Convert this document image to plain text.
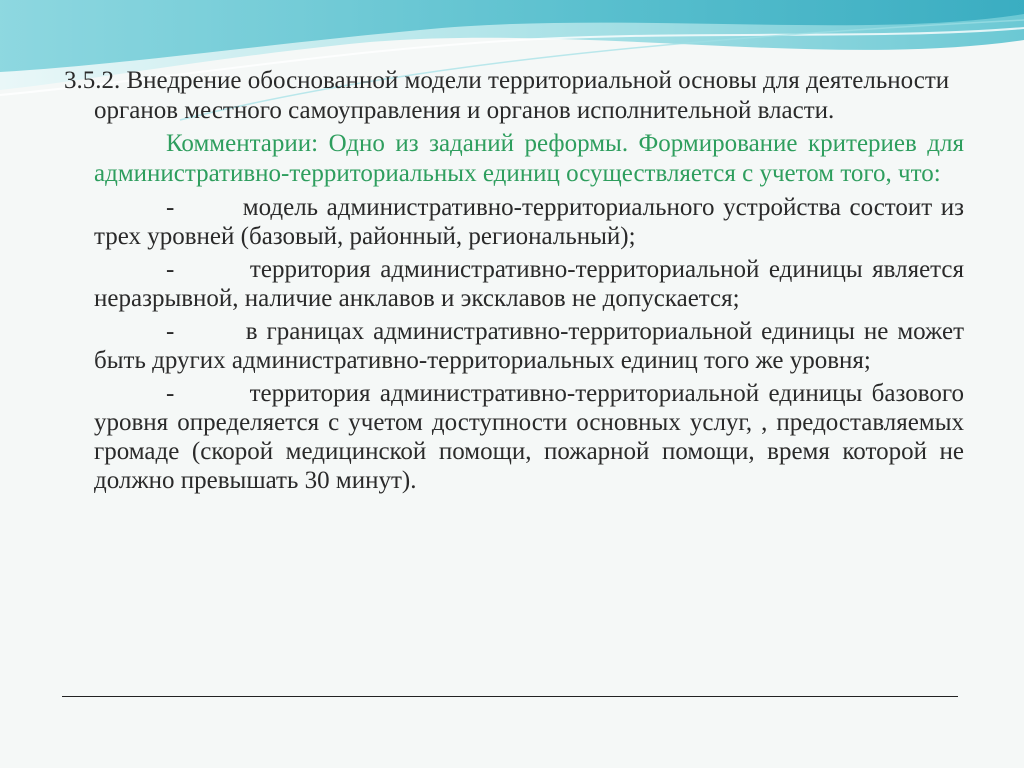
3.5.2. Внедрение обоснованной модели территориальной основы для деятельности органов местного самоуправления и органов исполнительной власти.

Комментарии: Одно из заданий реформы. Формирование критериев для административно-территориальных единиц осуществляется с учетом того, что:

-        модель административно-территориального устройства состоит из трех уровней (базовый, районный, региональный);

-        территория административно-территориальной единицы является неразрывной, наличие анклавов и эксклавов не допускается;

-        в границах административно-территориальной единицы не может быть других административно-территориальных единиц того же уровня;

-        территория административно-территориальной единицы базового уровня определяется с учетом доступности основных услуг, , предоставляемых громаде (скорой медицинской помощи, пожарной помощи, время которой не должно превышать 30 минут).
